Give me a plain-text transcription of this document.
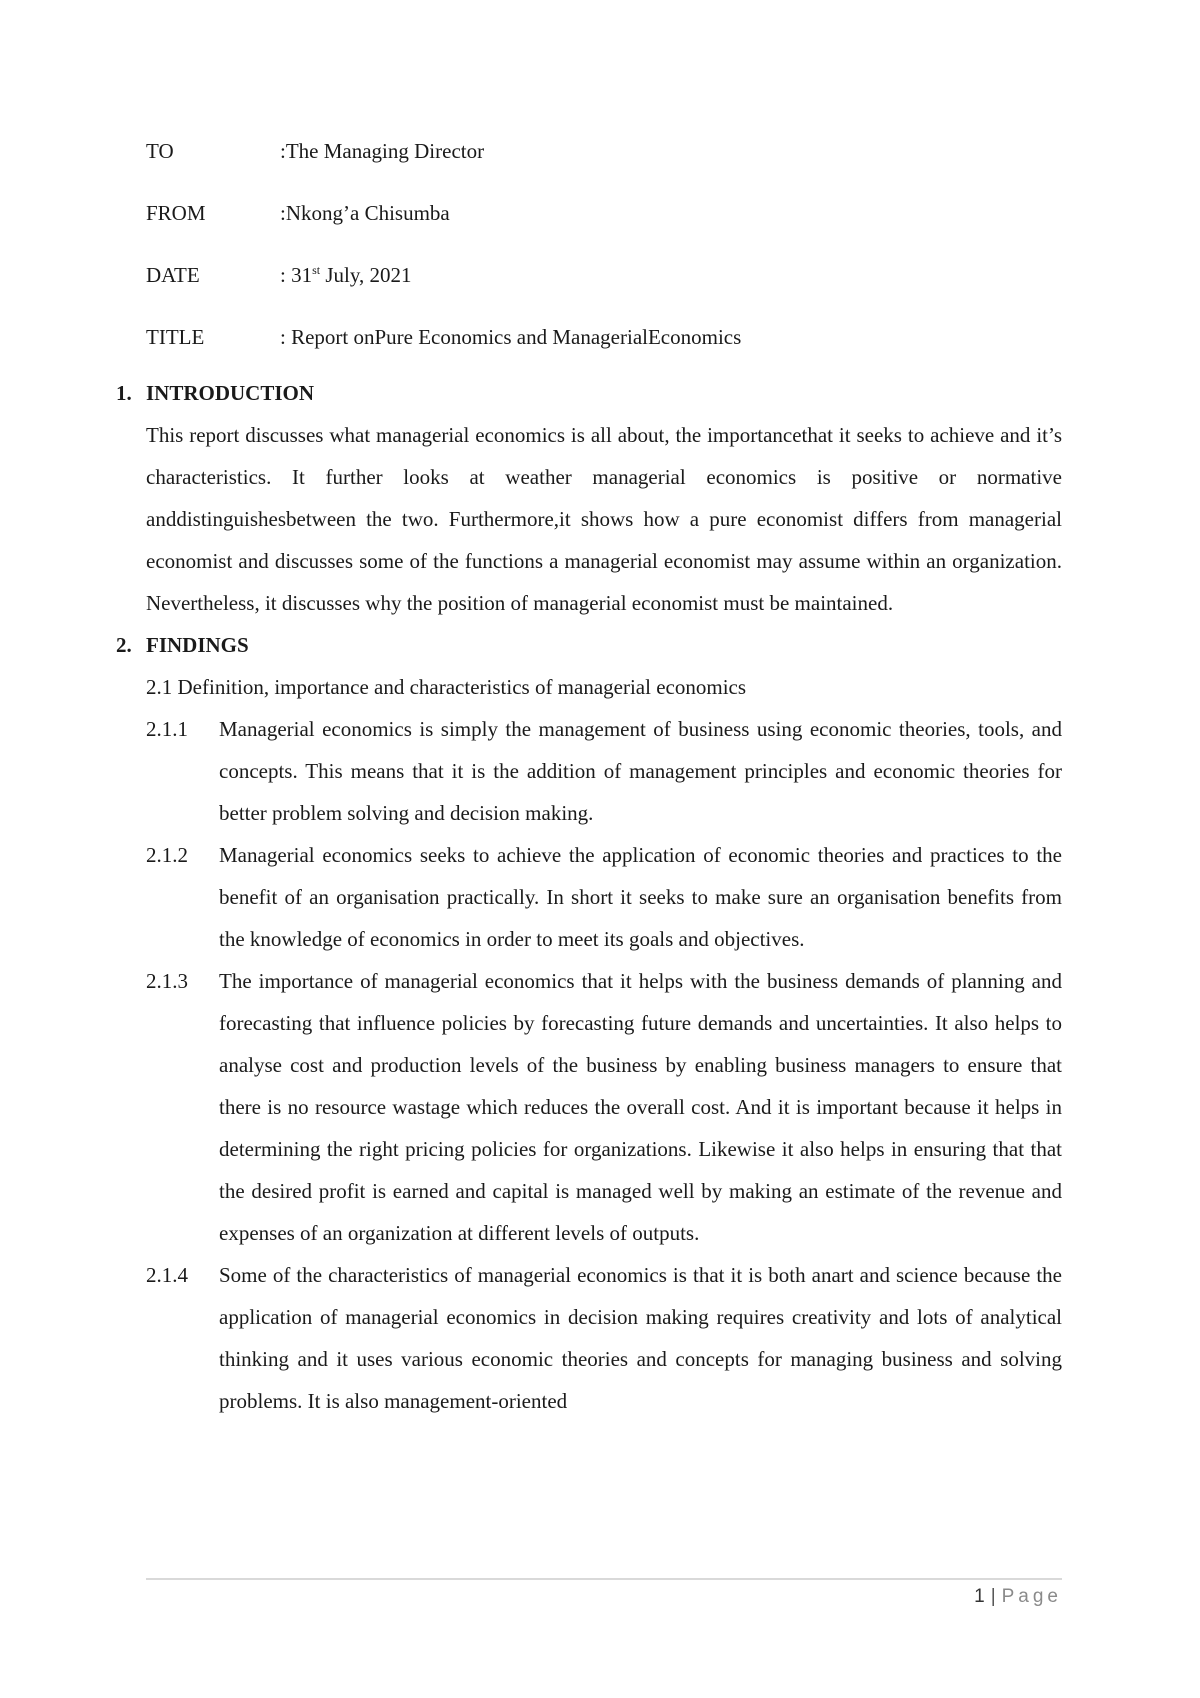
TO	:The Managing Director
FROM	:Nkong’a Chisumba
DATE	: 31st July, 2021
TITLE	: Report onPure Economics and ManagerialEconomics
1. INTRODUCTION
This report discusses what managerial economics is all about, the importancethat it seeks to achieve and it’s characteristics. It further looks at weather managerial economics is positive or normative anddistinguishesbetween the two. Furthermore,it shows how a pure economist differs from managerial economist and discusses some of the functions a managerial economist may assume within an organization. Nevertheless, it discusses why the position of managerial economist must be maintained.
2. FINDINGS
2.1 Definition, importance and characteristics of managerial economics
2.1.1	Managerial economics is simply the management of business using economic theories, tools, and concepts. This means that it is the addition of management principles and economic theories for better problem solving and decision making.
2.1.2	Managerial economics seeks to achieve the application of economic theories and practices to the benefit of an organisation practically. In short it seeks to make sure an organisation benefits from the knowledge of economics in order to meet its goals and objectives.
2.1.3	The importance of managerial economics that it helps with the business demands of planning and forecasting that influence policies by forecasting future demands and uncertainties. It also helps to analyse cost and production levels of the business by enabling business managers to ensure that there is no resource wastage which reduces the overall cost. And it is important because it helps in determining the right pricing policies for organizations. Likewise it also helps in ensuring that that the desired profit is earned and capital is managed well by making an estimate of the revenue and expenses of an organization at different levels of outputs.
2.1.4	Some of the characteristics of managerial economics is that it is both anart and science because the application of managerial economics in decision making requires creativity and lots of analytical thinking and it uses various economic theories and concepts for managing business and solving problems. It is also management-oriented
1 | Page
